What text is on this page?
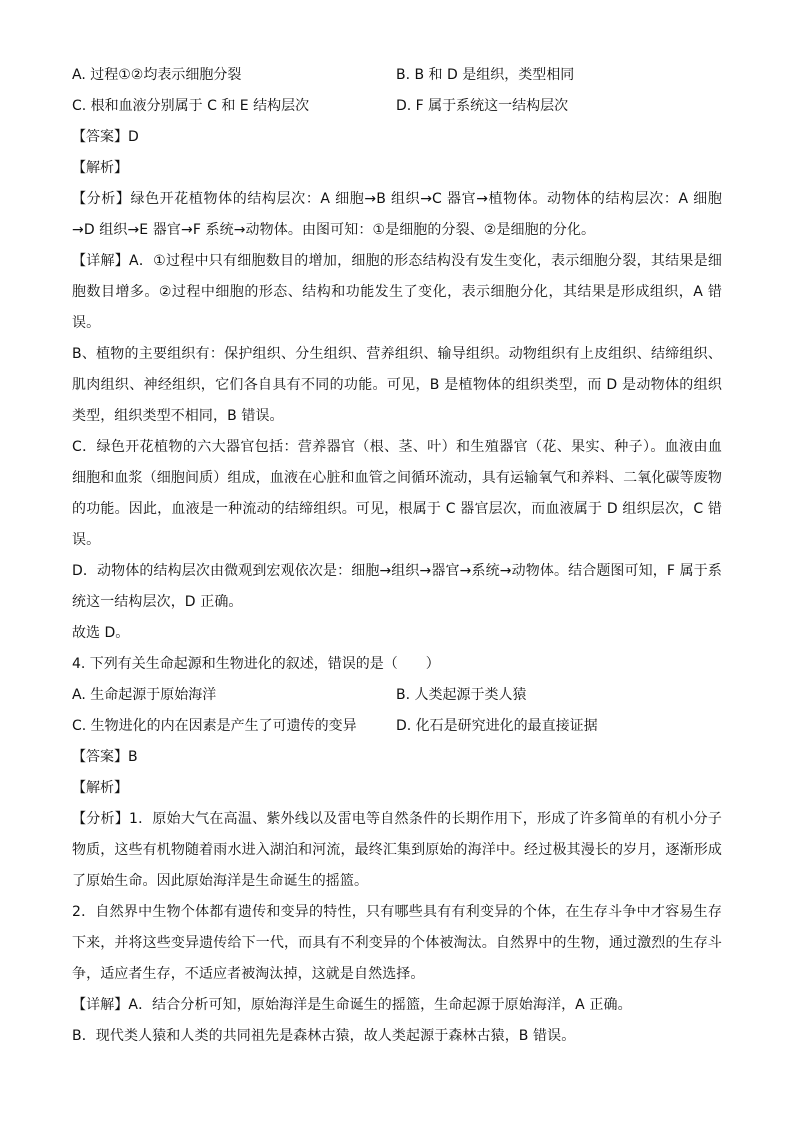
A. 过程①②均表示细胞分裂	B. B 和 D 是组织，类型相同
C. 根和血液分别属于 C 和 E 结构层次	D. F 属于系统这一结构层次
【答案】D
【解析】
【分析】绿色开花植物体的结构层次：A 细胞→B 组织→C 器官→植物体。动物体的结构层次：A 细胞→D 组织→E 器官→F 系统→动物体。由图可知：①是细胞的分裂、②是细胞的分化。
【详解】A．①过程中只有细胞数目的增加，细胞的形态结构没有发生变化，表示细胞分裂，其结果是细胞数目增多。②过程中细胞的形态、结构和功能发生了变化，表示细胞分化，其结果是形成组织，A 错误。
B、植物的主要组织有：保护组织、分生组织、营养组织、输导组织。动物组织有上皮组织、结缔组织、肌肉组织、神经组织，它们各自具有不同的功能。可见，B 是植物体的组织类型，而 D 是动物体的组织类型，组织类型不相同，B 错误。
C．绿色开花植物的六大器官包括：营养器官（根、茎、叶）和生殖器官（花、果实、种子）。血液由血细胞和血浆（细胞间质）组成，血液在心脏和血管之间循环流动，具有运输氧气和养料、二氧化碳等废物的功能。因此，血液是一种流动的结缔组织。可见，根属于 C 器官层次，而血液属于 D 组织层次，C 错误。
D．动物体的结构层次由微观到宏观依次是：细胞→组织→器官→系统→动物体。结合题图可知，F 属于系统这一结构层次，D 正确。
故选 D。
4. 下列有关生命起源和生物进化的叙述，错误的是（　　）
A. 生命起源于原始海洋	B. 人类起源于类人猿
C. 生物进化的内在因素是产生了可遗传的变异	D. 化石是研究进化的最直接证据
【答案】B
【解析】
【分析】1．原始大气在高温、紫外线以及雷电等自然条件的长期作用下，形成了许多简单的有机小分子物质，这些有机物随着雨水进入湖泊和河流，最终汇集到原始的海洋中。经过极其漫长的岁月，逐渐形成了原始生命。因此原始海洋是生命诞生的摇篮。
2．自然界中生物个体都有遗传和变异的特性，只有哪些具有有利变异的个体，在生存斗争中才容易生存下来，并将这些变异遗传给下一代，而具有不利变异的个体被淘汰。自然界中的生物，通过激烈的生存斗争，适应者生存，不适应者被淘汰掉，这就是自然选择。
【详解】A．结合分析可知，原始海洋是生命诞生的摇篮，生命起源于原始海洋，A 正确。
B．现代类人猿和人类的共同祖先是森林古猿，故人类起源于森林古猿，B 错误。
